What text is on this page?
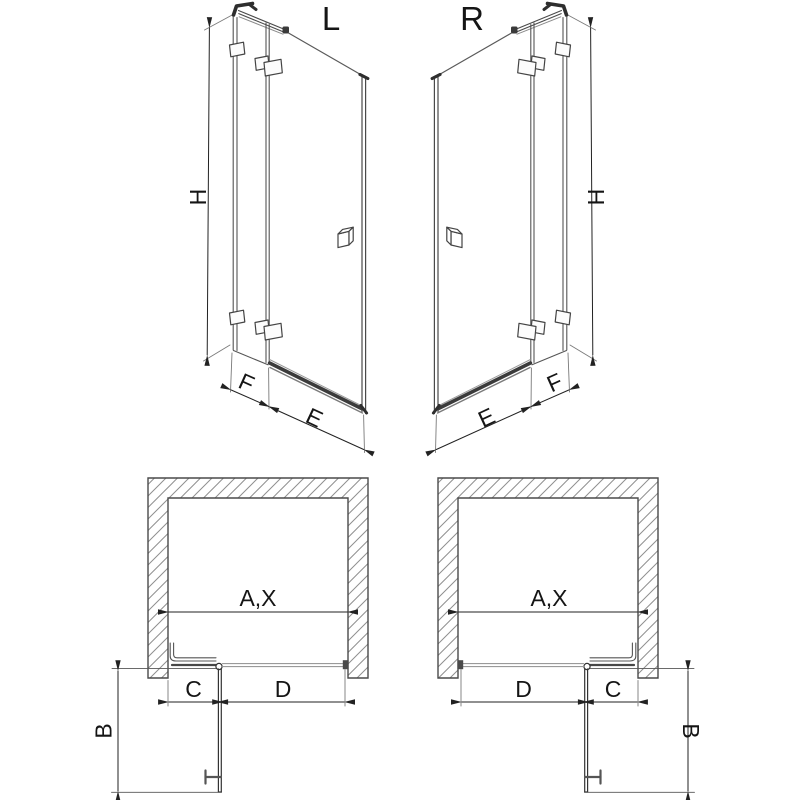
L	R
H
F
E
H
E
F
A,X
C	D
B
A,X
D	C
B
